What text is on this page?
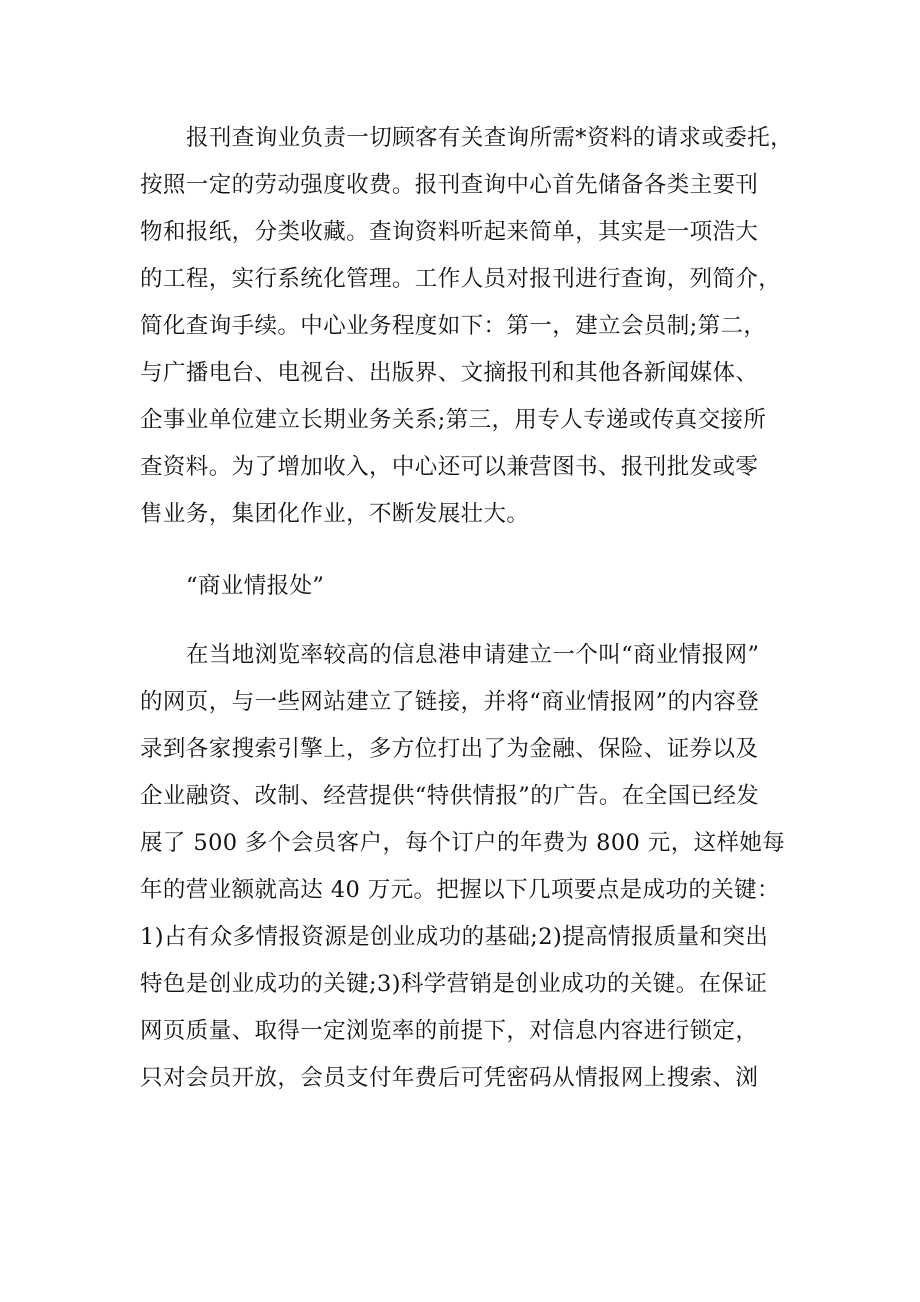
报刊查询业负责一切顾客有关查询所需*资料的请求或委托，
按照一定的劳动强度收费。报刊查询中心首先储备各类主要刊
物和报纸，分类收藏。查询资料听起来简单，其实是一项浩大
的工程，实行系统化管理。工作人员对报刊进行查询，列简介，
简化查询手续。中心业务程度如下：第一，建立会员制;第二，
与广播电台、电视台、出版界、文摘报刊和其他各新闻媒体、
企事业单位建立长期业务关系;第三，用专人专递或传真交接所
查资料。为了增加收入，中心还可以兼营图书、报刊批发或零
售业务，集团化作业，不断发展壮大。
“商业情报处”
在当地浏览率较高的信息港申请建立一个叫“商业情报网”
的网页，与一些网站建立了链接，并将“商业情报网”的内容登
录到各家搜索引擎上，多方位打出了为金融、保险、证券以及
企业融资、改制、经营提供“特供情报”的广告。在全国已经发
展了 500 多个会员客户，每个订户的年费为 800 元，这样她每
年的营业额就高达 40 万元。把握以下几项要点是成功的关键：
1)占有众多情报资源是创业成功的基础;2)提高情报质量和突出
特色是创业成功的关键;3)科学营销是创业成功的关键。在保证
网页质量、取得一定浏览率的前提下，对信息内容进行锁定，
只对会员开放，会员支付年费后可凭密码从情报网上搜索、浏
